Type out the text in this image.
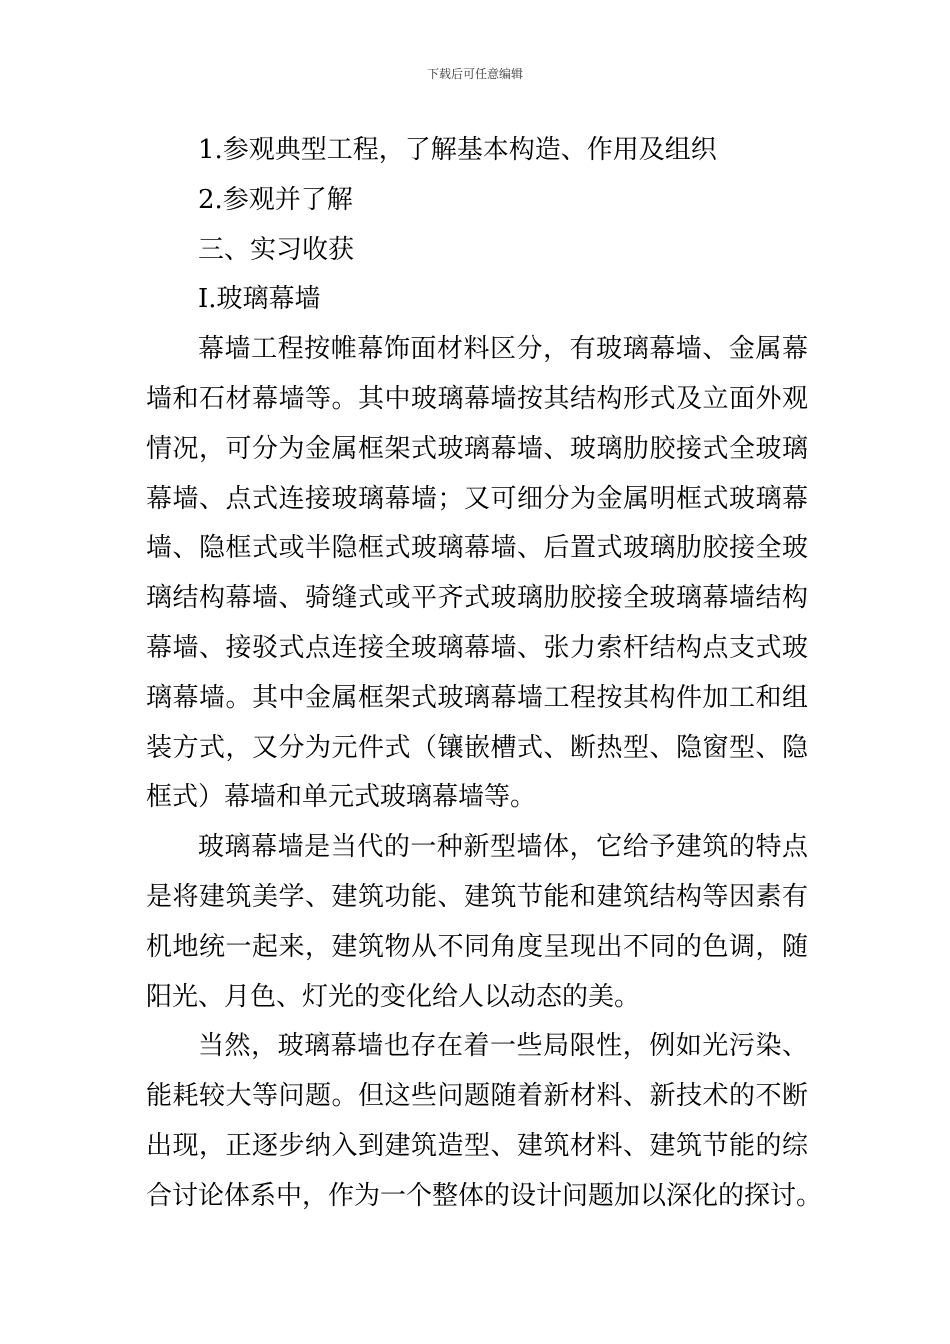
下载后可任意编辑

1.参观典型工程，了解基本构造、作用及组织

2.参观并了解

三、实习收获

I.玻璃幕墙

幕墙工程按帷幕饰面材料区分，有玻璃幕墙、金属幕

墙和石材幕墙等。其中玻璃幕墙按其结构形式及立面外观

情况，可分为金属框架式玻璃幕墙、玻璃肋胶接式全玻璃

幕墙、点式连接玻璃幕墙；又可细分为金属明框式玻璃幕

墙、隐框式或半隐框式玻璃幕墙、后置式玻璃肋胶接全玻

璃结构幕墙、骑缝式或平齐式玻璃肋胶接全玻璃幕墙结构

幕墙、接驳式点连接全玻璃幕墙、张力索杆结构点支式玻

璃幕墙。其中金属框架式玻璃幕墙工程按其构件加工和组

装方式，又分为元件式（镶嵌槽式、断热型、隐窗型、隐

框式）幕墙和单元式玻璃幕墙等。

玻璃幕墙是当代的一种新型墙体，它给予建筑的特点

是将建筑美学、建筑功能、建筑节能和建筑结构等因素有

机地统一起来，建筑物从不同角度呈现出不同的色调，随

阳光、月色、灯光的变化给人以动态的美。

当然，玻璃幕墙也存在着一些局限性，例如光污染、

能耗较大等问题。但这些问题随着新材料、新技术的不断

出现，正逐步纳入到建筑造型、建筑材料、建筑节能的综

合讨论体系中，作为一个整体的设计问题加以深化的探讨。
